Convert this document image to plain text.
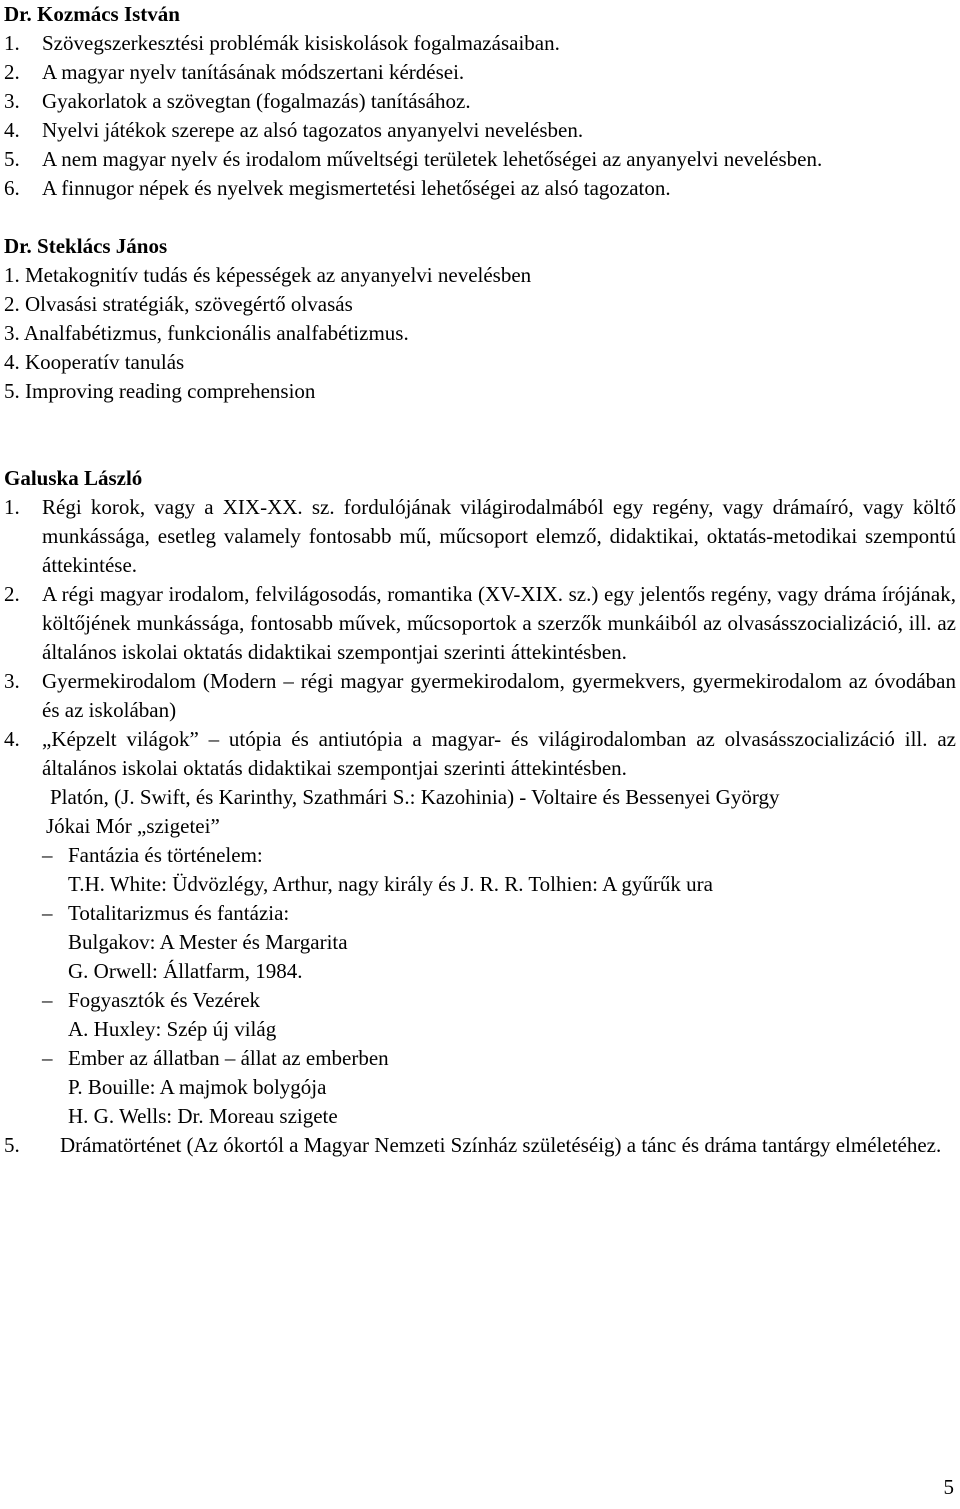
Dr. Kozmács István
1. Szövegszerkesztési problémák kisiskolások fogalmazásaiban.
2. A magyar nyelv tanításának módszertani kérdései.
3. Gyakorlatok a szövegtan (fogalmazás) tanításához.
4. Nyelvi játékok szerepe az alsó tagozatos anyanyelvi nevelésben.
5. A nem magyar nyelv és irodalom műveltségi területek lehetőségei az anyanyelvi nevelésben.
6. A finnugor népek és nyelvek megismertetési lehetőségei az alsó tagozaton.
Dr. Steklács János
1. Metakognitív tudás és képességek az anyanyelvi nevelésben
2. Olvasási stratégiák, szövegértő olvasás
3. Analfabétizmus, funkcionális analfabétizmus.
4. Kooperatív tanulás
5. Improving reading comprehension
Galuska László
1. Régi korok, vagy a XIX-XX. sz. fordulójának világirodalmából egy regény, vagy drámaíró, vagy költő munkássága, esetleg valamely fontosabb mű, műcsoport elemző, didaktikai, oktatás-metodikai szempontú áttekintése.
2. A régi magyar irodalom, felvilágosodás, romantika (XV-XIX. sz.) egy jelentős regény, vagy dráma írójának, költőjének munkássága, fontosabb művek, műcsoportok a szerzők munkáiból az olvasásszocializáció, ill. az általános iskolai oktatás didaktikai szempontjai szerinti áttekintésben.
3. Gyermekirodalom (Modern – régi magyar gyermekirodalom, gyermekvers, gyermekirodalom az óvodában és az iskolában)
4. „Képzelt világok” – utópia és antiutópia a magyar- és világirodalomban az olvasásszocializáció ill. az általános iskolai oktatás didaktikai szempontjai szerinti áttekintésben.
Platón, (J. Swift, és Karinthy, Szathmári S.: Kazohinia) - Voltaire és Bessenyei György
Jókai Mór „szigetei”
– Fantázia és történelem:
T.H. White: Üdvözlégy, Arthur, nagy király és J. R. R. Tolhien: A gyűrűk ura
– Totalitarizmus és fantázia:
Bulgakov: A Mester és Margarita
G. Orwell: Állatfarm, 1984.
– Fogyasztók és Vezérek
A. Huxley: Szép új világ
– Ember az állatban – állat az emberben
P. Bouille: A majmok bolygója
H. G. Wells: Dr. Moreau szigete
5. Drámatörténet (Az ókortól a Magyar Nemzeti Színház születéséig) a tánc és dráma tantárgy elméletéhez.
5
